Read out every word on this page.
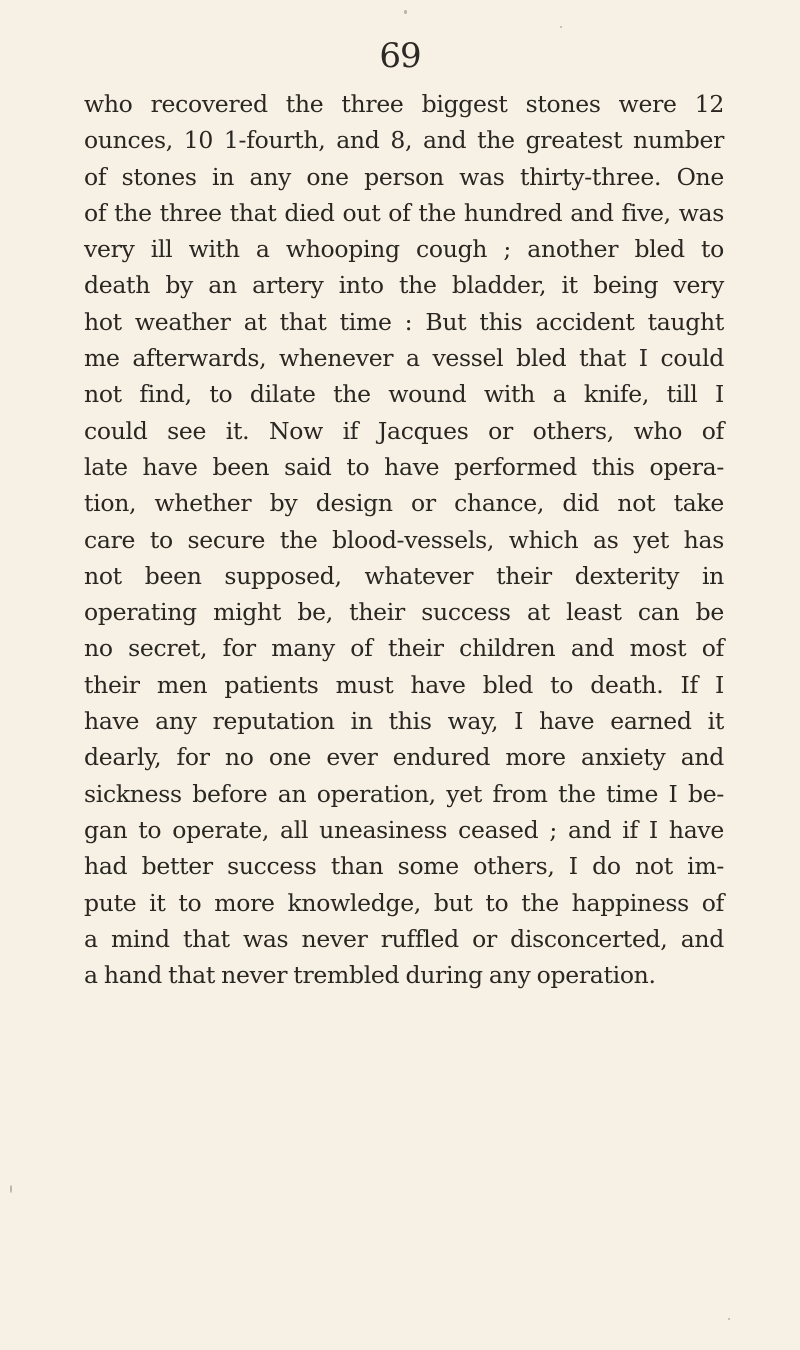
69
who recovered the three biggest stones were 12
ounces, 10 1-fourth, and 8, and the greatest number
of stones in any one person was thirty-three. One
of the three that died out of the hundred and five, was
very ill with a whooping cough ; another bled to
death by an artery into the bladder, it being very
hot weather at that time : But this accident taught
me afterwards, whenever a vessel bled that I could
not find, to dilate the wound with a knife, till I
could see it. Now if Jacques or others, who of
late have been said to have performed this opera-
tion, whether by design or chance, did not take
care to secure the blood-vessels, which as yet has
not been supposed, whatever their dexterity in
operating might be, their success at least can be
no secret, for many of their children and most of
their men patients must have bled to death. If I
have any reputation in this way, I have earned it
dearly, for no one ever endured more anxiety and
sickness before an operation, yet from the time I be-
gan to operate, all uneasiness ceased ; and if I have
had better success than some others, I do not im-
pute it to more knowledge, but to the happiness of
a mind that was never ruffled or disconcerted, and
a hand that never trembled during any operation.
